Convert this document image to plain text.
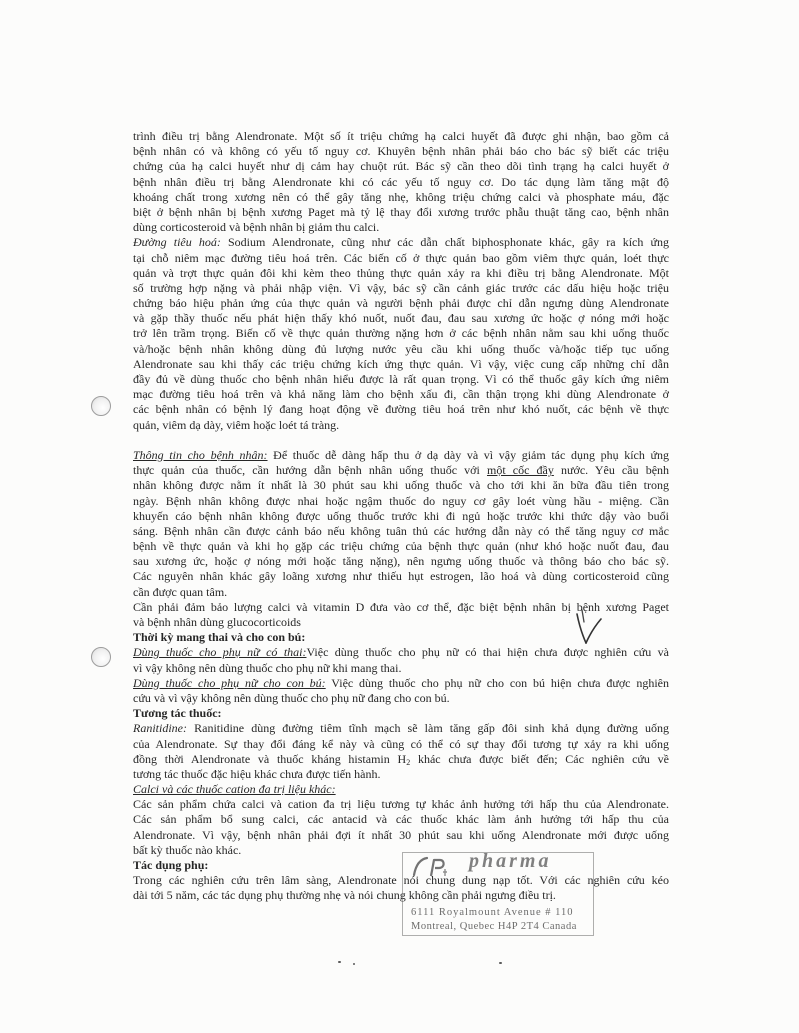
trình điều trị bằng Alendronate. Một số ít triệu chứng hạ calci huyết đã được ghi nhận, bao gồm cả
bệnh nhân có và không có yếu tố nguy cơ. Khuyên bệnh nhân phải báo cho bác sỹ biết các triệu
chứng của hạ calci huyết như dị cảm hay chuột rút. Bác sỹ cần theo dõi tình trạng hạ calci huyết ở
bệnh nhân điều trị bằng Alendronate khi có các yếu tố nguy cơ. Do tác dụng làm tăng mật độ
khoáng chất trong xương nên có thể gây tăng nhẹ, không triệu chứng calci và phosphate máu, đặc
biệt ở bệnh nhân bị bệnh xương Paget mà tỷ lệ thay đổi xương trước phẫu thuật tăng cao, bệnh nhân
dùng corticosteroid và bệnh nhân bị giảm thu calci.
Đường tiêu hoá: Sodium Alendronate, cũng như các dẫn chất biphosphonate khác, gây ra kích ứng
tại chỗ niêm mạc đường tiêu hoá trên. Các biến cố ở thực quản bao gồm viêm thực quản, loét thực
quản và trợt thực quản đôi khi kèm theo thủng thực quản xảy ra khi điều trị bằng Alendronate. Một
số trường hợp nặng và phải nhập viện. Vì vậy, bác sỹ cần cảnh giác trước các dấu hiệu hoặc triệu
chứng báo hiệu phản ứng của thực quản và người bệnh phải được chỉ dẫn ngưng dùng Alendronate
và gặp thầy thuốc nếu phát hiện thấy khó nuốt, nuốt đau, đau sau xương ức hoặc ợ nóng mới hoặc
trở lên trầm trọng. Biến cố về thực quản thường nặng hơn ở các bệnh nhân nằm sau khi uống thuốc
và/hoặc bệnh nhân không dùng đủ lượng nước yêu cầu khi uống thuốc và/hoặc tiếp tục uống
Alendronate sau khi thấy các triệu chứng kích ứng thực quản. Vì vậy, việc cung cấp những chỉ dẫn
đầy đủ về dùng thuốc cho bệnh nhân hiểu được là rất quan trọng. Vì có thể thuốc gây kích ứng niêm
mạc đường tiêu hoá trên và khả năng làm cho bệnh xấu đi, cần thận trọng khi dùng Alendronate ở
các bệnh nhân có bệnh lý đang hoạt động về đường tiêu hoá trên như khó nuốt, các bệnh về thực
quản, viêm dạ dày, viêm hoặc loét tá tràng.
Thông tin cho bệnh nhân: Để thuốc dễ dàng hấp thu ở dạ dày và vì vậy giảm tác dụng phụ kích ứng
thực quản của thuốc, cần hướng dẫn bệnh nhân uống thuốc với một cốc đầy nước. Yêu cầu bệnh
nhân không được nằm ít nhất là 30 phút sau khi uống thuốc và cho tới khi ăn bữa đầu tiên trong
ngày. Bệnh nhân không được nhai hoặc ngậm thuốc do nguy cơ gây loét vùng hầu - miệng. Cần
khuyến cáo bệnh nhân không được uống thuốc trước khi đi ngủ hoặc trước khi thức dậy vào buổi
sáng. Bệnh nhân cần được cảnh báo nếu không tuân thủ các hướng dẫn này có thể tăng nguy cơ mắc
bệnh về thực quản và khi họ gặp các triệu chứng của bệnh thực quản (như khó hoặc nuốt đau, đau
sau xương ức, hoặc ợ nóng mới hoặc tăng nặng), nên ngưng uống thuốc và thông báo cho bác sỹ.
Các nguyên nhân khác gây loãng xương như thiếu hụt estrogen, lão hoá và dùng corticosteroid cũng
cần được quan tâm.
Cần phải đảm bảo lượng calci và vitamin D đưa vào cơ thể, đặc biệt bệnh nhân bị bệnh xương Paget
và bệnh nhân dùng glucocorticoids
Thời kỳ mang thai và cho con bú:
Dùng thuốc cho phụ nữ có thai:Việc dùng thuốc cho phụ nữ có thai hiện chưa được nghiên cứu và
vì vậy không nên dùng thuốc cho phụ nữ khi mang thai.
Dùng thuốc cho phụ nữ cho con bú: Việc dùng thuốc cho phụ nữ cho con bú hiện chưa được nghiên
cứu và vì vậy không nên dùng thuốc cho phụ nữ đang cho con bú.
Tương tác thuốc:
Ranitidine: Ranitidine dùng đường tiêm tĩnh mạch sẽ làm tăng gấp đôi sinh khả dụng đường uống
của Alendronate. Sự thay đổi đáng kể này và cũng có thể có sự thay đổi tương tự xảy ra khi uống
đồng thời Alendronate và thuốc kháng histamin $H_2$ khác chưa được biết đến; Các nghiên cứu về
tương tác thuốc đặc hiệu khác chưa được tiến hành.
Calci và các thuốc cation đa trị liệu khác:
Các sản phẩm chứa calci và cation đa trị liệu tương tự khác ảnh hưởng tới hấp thu của Alendronate.
Các sản phẩm bổ sung calci, các antacid và các thuốc khác làm ảnh hưởng tới hấp thu của
Alendronate. Vì vậy, bệnh nhân phải đợi ít nhất 30 phút sau khi uống Alendronate mới được uống
bất kỳ thuốc nào khác.
Tác dụng phụ:
Trong các nghiên cứu trên lâm sàng, Alendronate nói chung dung nạp tốt. Với các nghiên cứu kéo
dài tới 5 năm, các tác dụng phụ thường nhẹ và nói chung không cần phải ngưng điều trị.
pharma
6111 Royalmount Avenue # 110
Montreal, Quebec H4P 2T4 Canada
